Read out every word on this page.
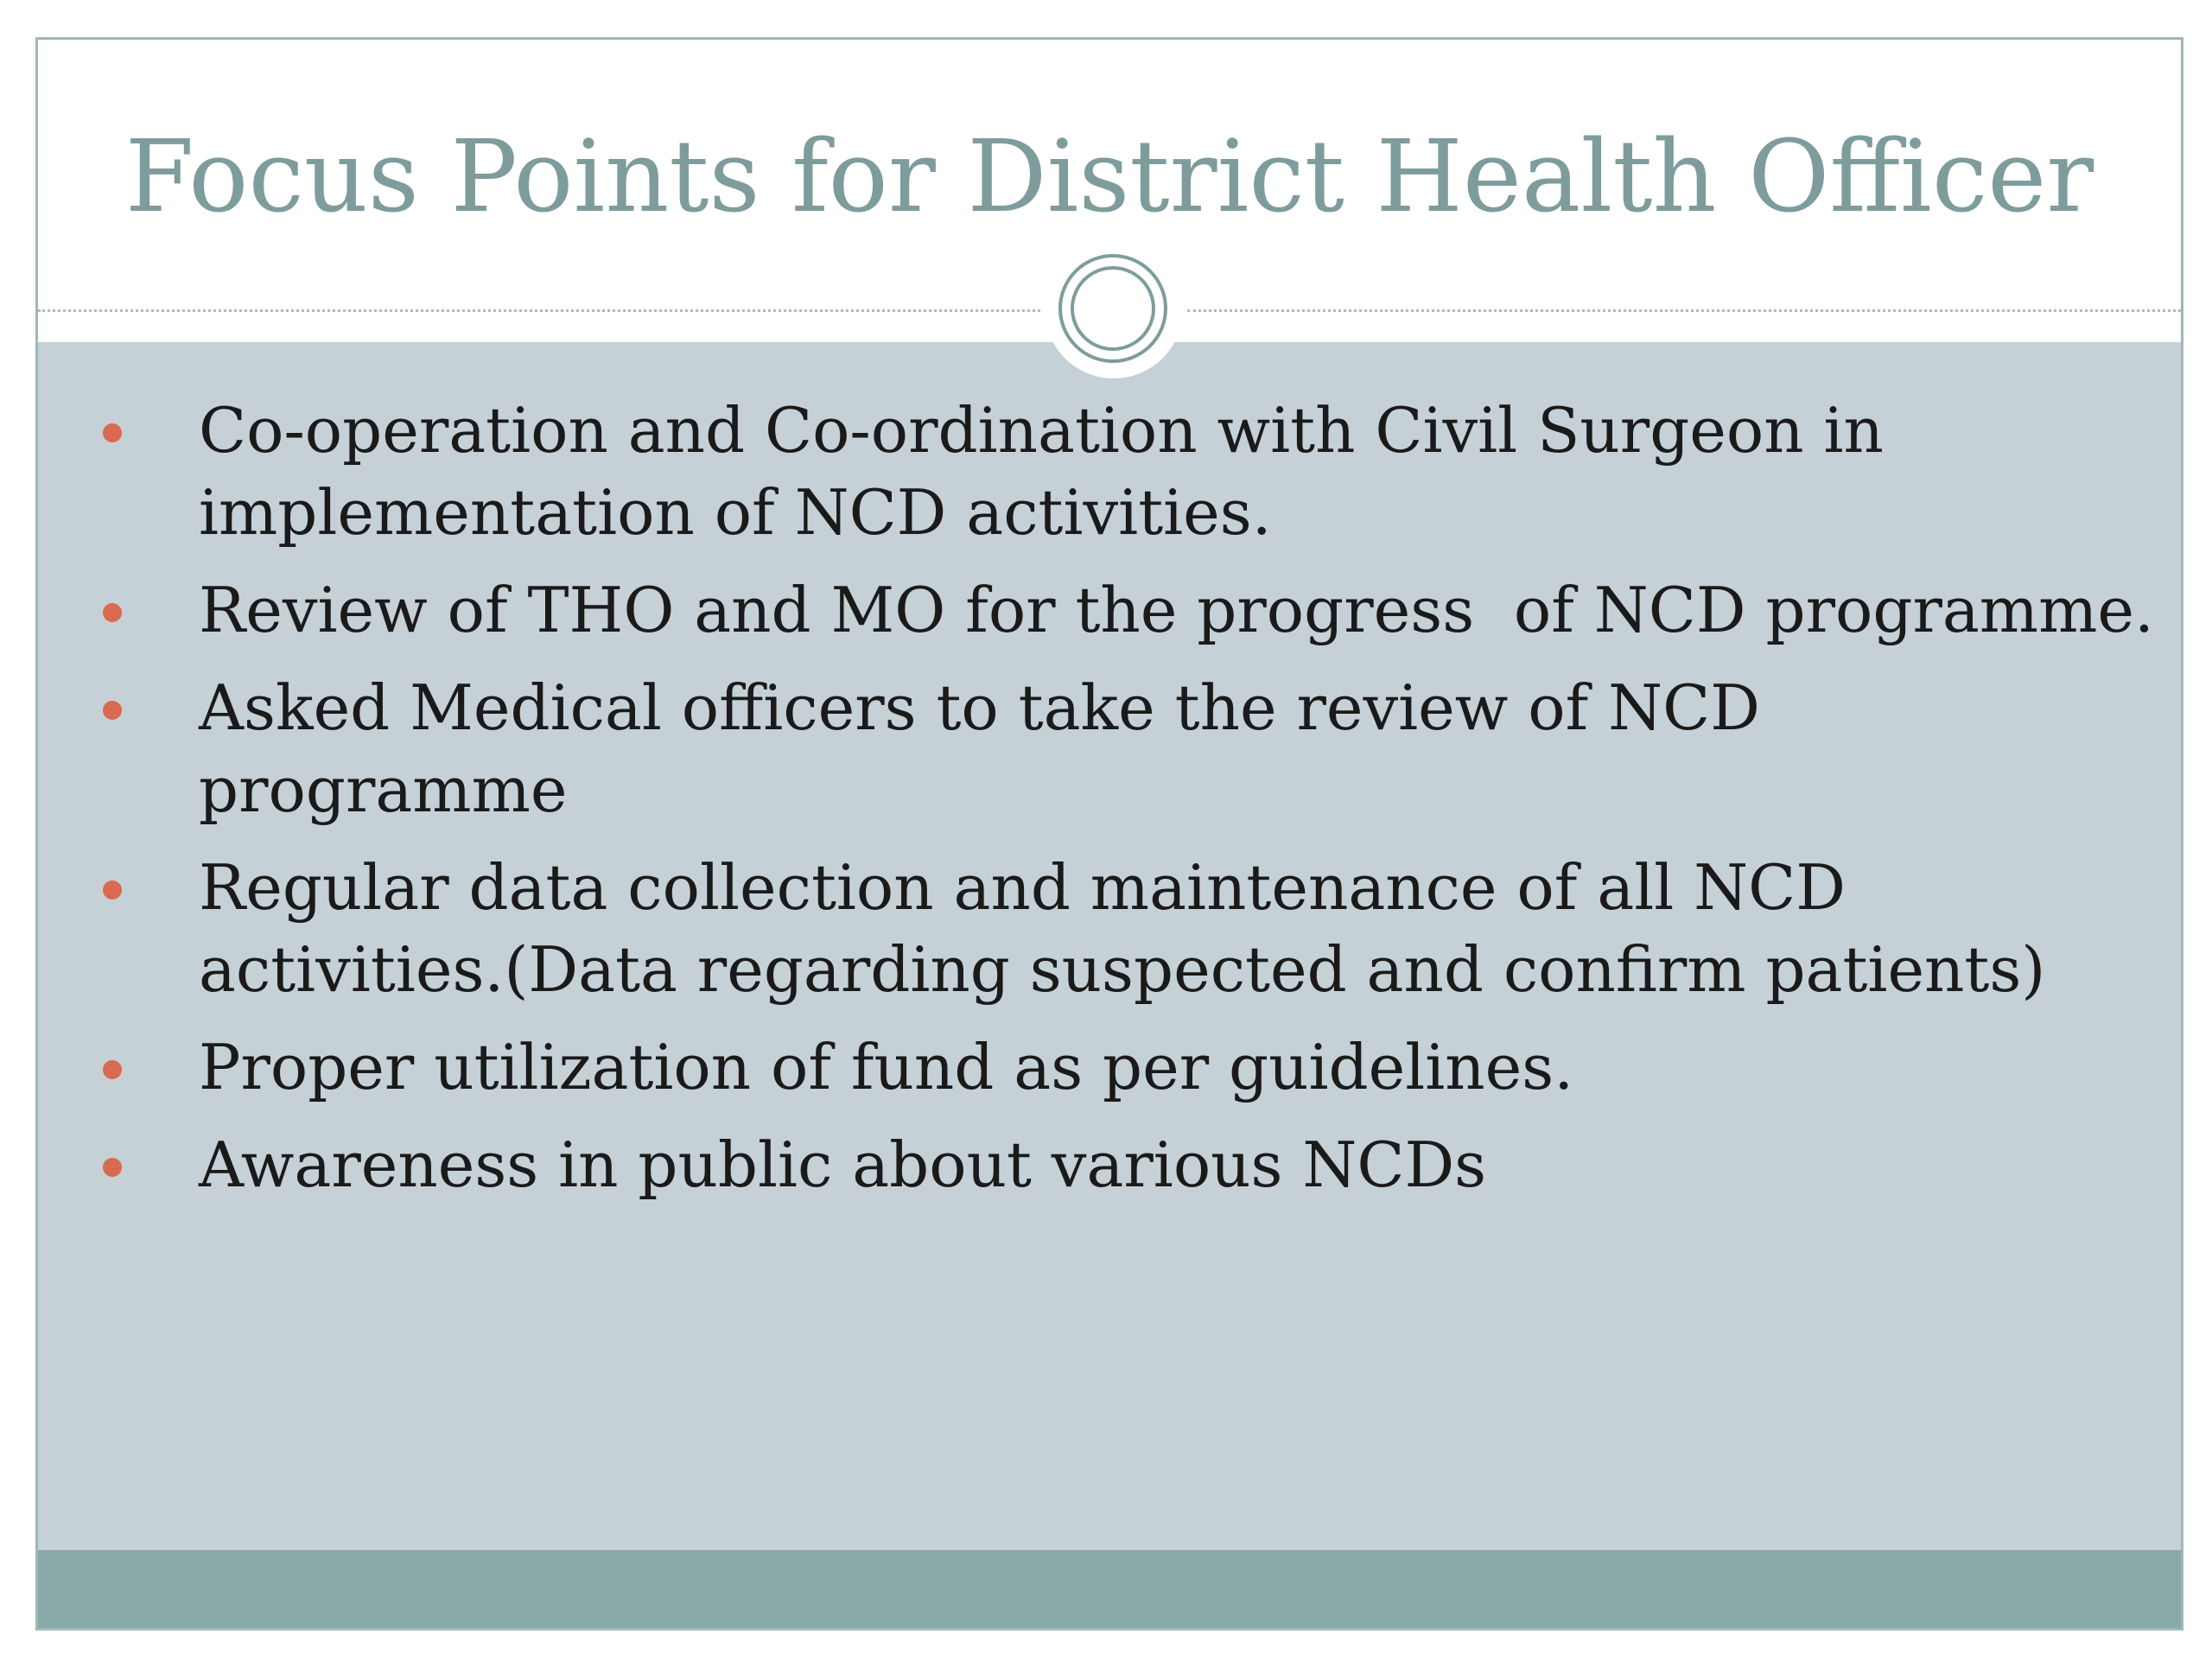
Focus Points for District Health Officer
Co-operation and Co-ordination with Civil Surgeon in implementation of NCD activities.
Review of THO and MO for the progress  of NCD programme.
Asked Medical officers to take the review of NCD programme
Regular data collection and maintenance of all NCD activities.(Data regarding suspected and confirm patients)
Proper utilization of fund as per guidelines.
Awareness in public about various NCDs
